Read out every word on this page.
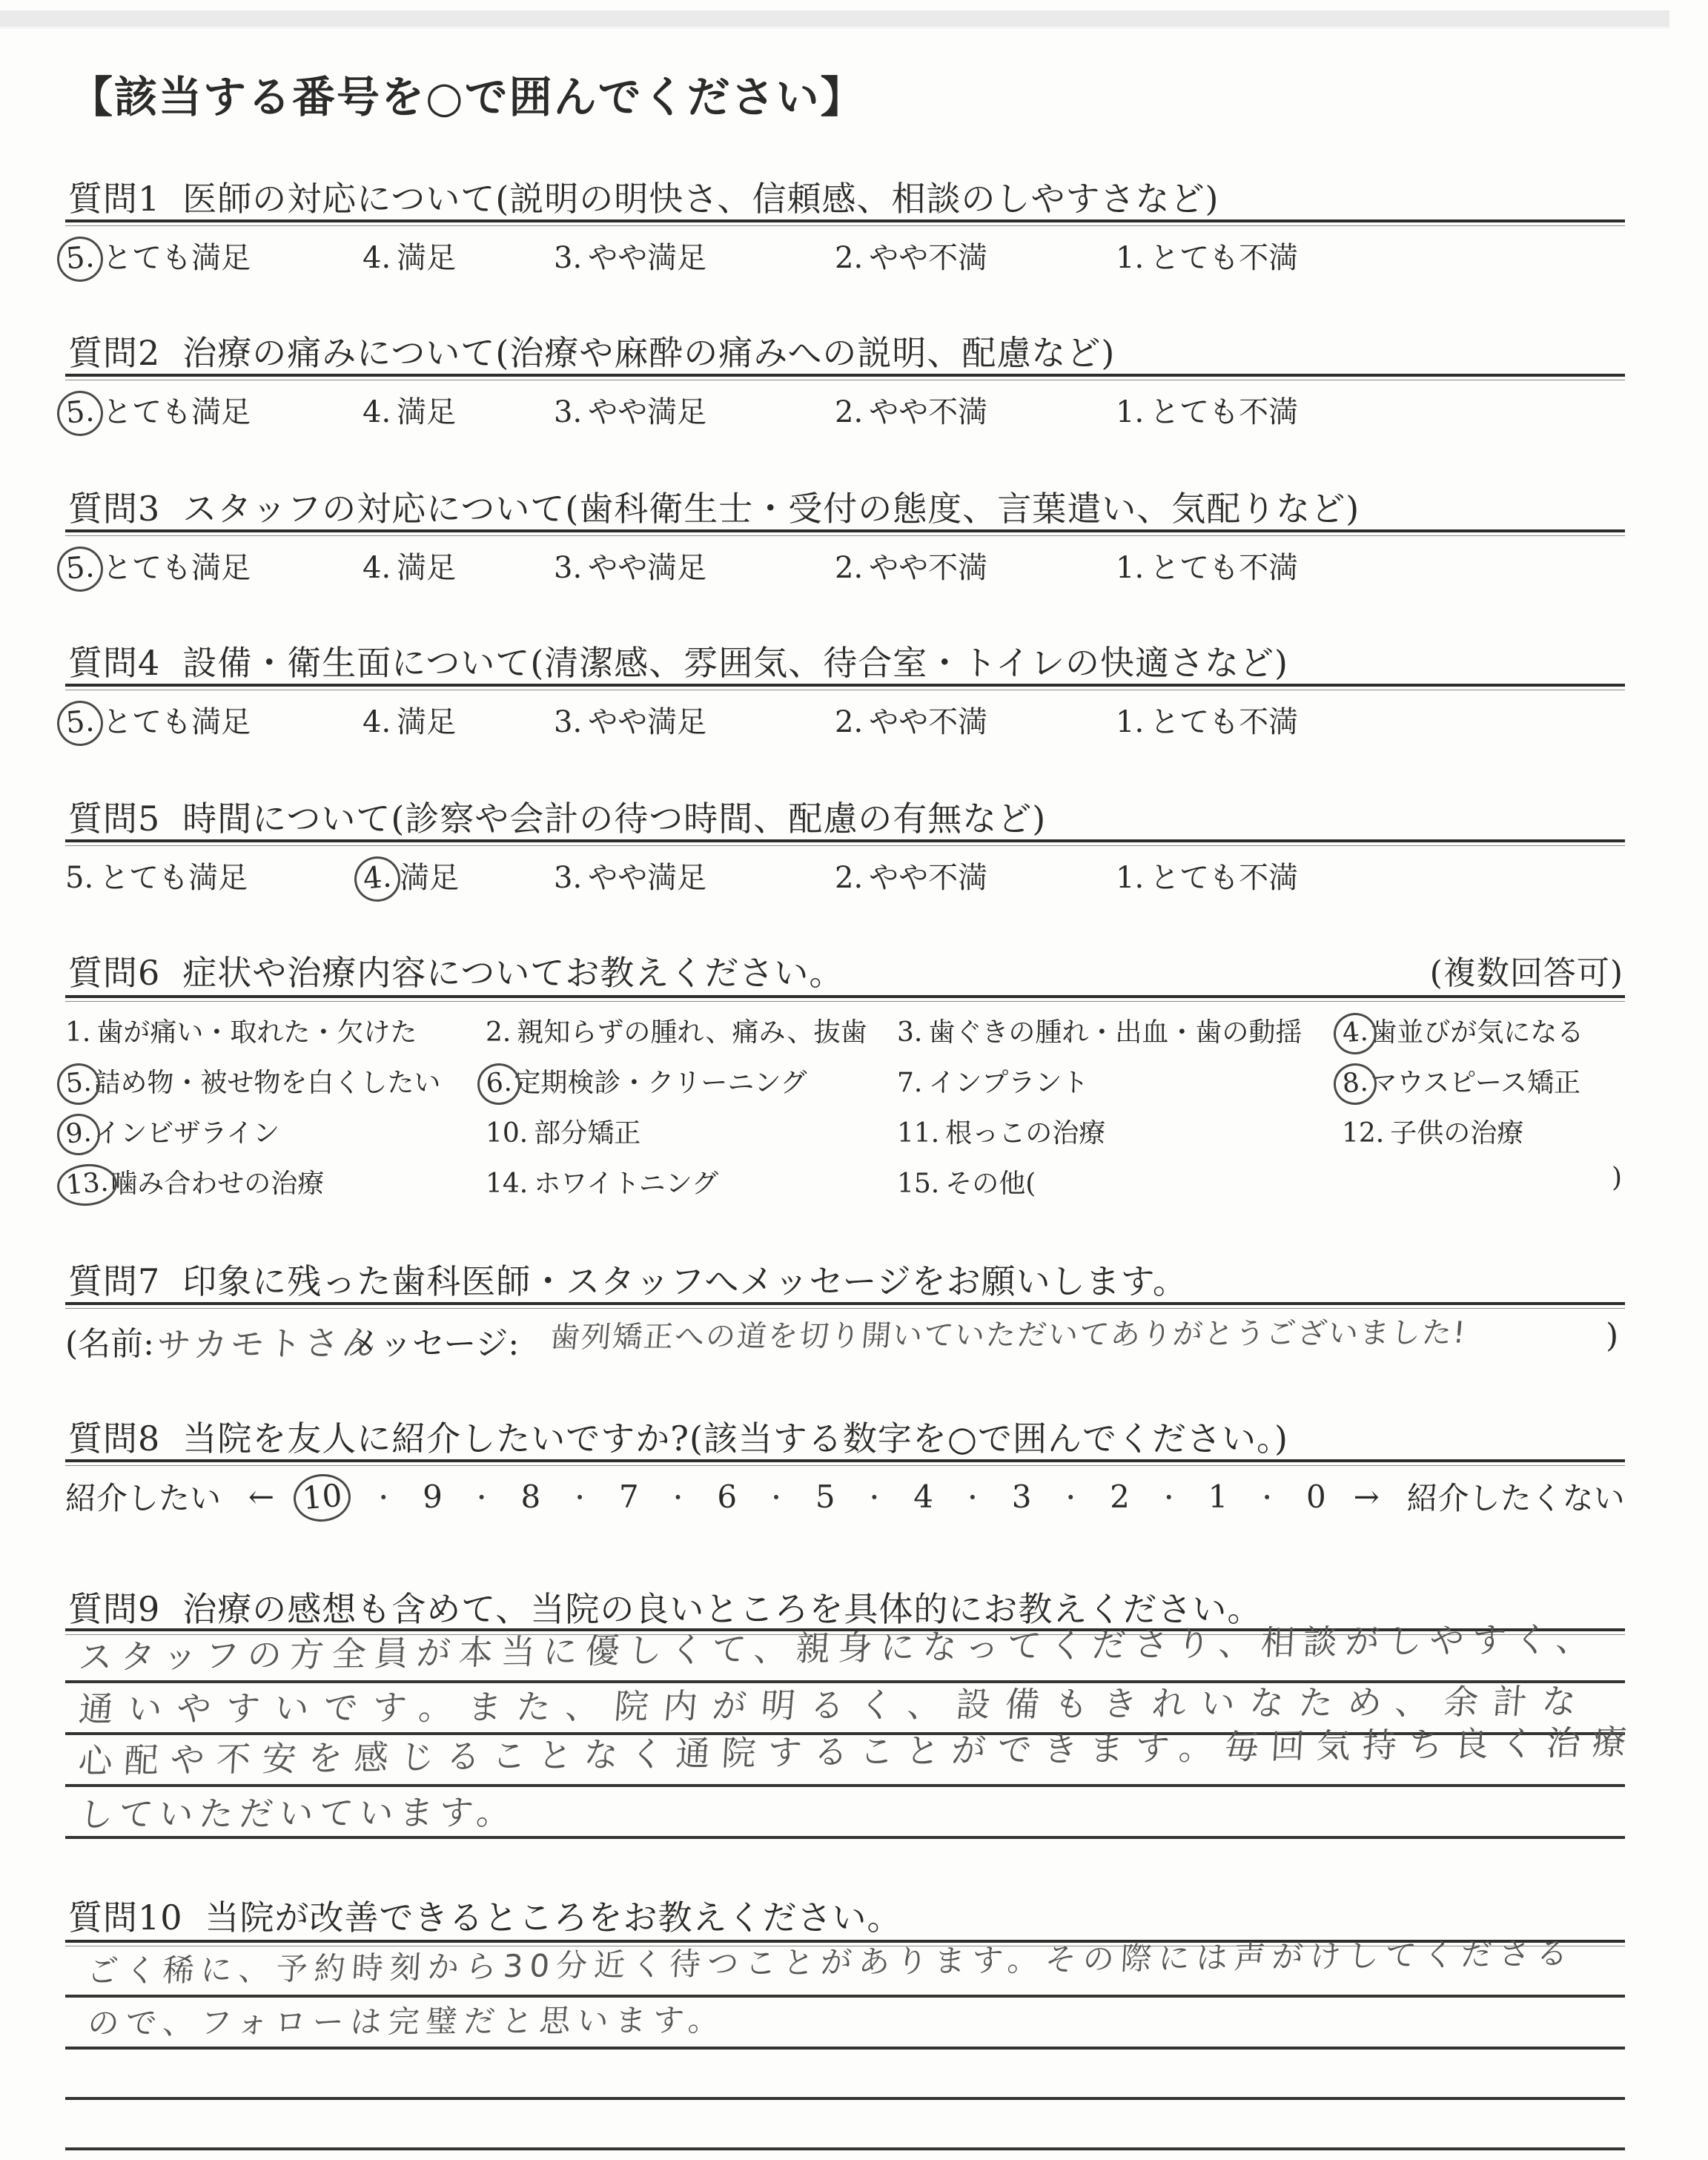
【該当する番号を○で囲んでください】
質問1 医師の対応について(説明の明快さ、信頼感、相談のしやすさなど)
5. とても満足	4. 満足	3. やや満足	2. やや不満	1. とても不満
質問2 治療の痛みについて(治療や麻酔の痛みへの説明、配慮など)
5. とても満足	4. 満足	3. やや満足	2. やや不満	1. とても不満
質問3 スタッフの対応について(歯科衛生士・受付の態度、言葉遣い、気配りなど)
5. とても満足	4. 満足	3. やや満足	2. やや不満	1. とても不満
質問4 設備・衛生面について(清潔感、雰囲気、待合室・トイレの快適さなど)
5. とても満足	4. 満足	3. やや満足	2. やや不満	1. とても不満
質問5 時間について(診察や会計の待つ時間、配慮の有無など)
5. とても満足	4. 満足	3. やや満足	2. やや不満	1. とても不満
質問6 症状や治療内容についてお教えください。	(複数回答可)
1. 歯が痛い・取れた・欠けた	2. 親知らずの腫れ、痛み、抜歯 3. 歯ぐきの腫れ・出血・歯の動揺 4.歯並びが気になる
5.詰め物・被せ物を白くしたい 6.定期検診・クリーニング	7. インプラント	8.マウスピース矯正
9.インビザライン	10. 部分矯正	11. 根っこの治療	12. 子供の治療
13.噛み合わせの治療	14. ホワイトニング	15. その他(	)
質問7 印象に残った歯科医師・スタッフへメッセージをお願いします。
(名前: サカモトさん
メッセージ: 歯列矯正への道を切り開いていただいてありがとうございました!	)
質問8 当院を友人に紹介したいですか?(該当する数字を○で囲んでください。)
紹介したい ← 10	・ 9 ・ 8 ・ 7 ・ 6 ・ 5 ・ 4 ・ 3 ・ 2 ・ 1 ・ 0 → 紹介したくない
質問9 治療の感想も含めて、当院の良いところを具体的にお教えください。
スタッフの方全員が本当に優しくて、親身になってくださり、相談がしやすく、
通いやすいです。また、院内が明るく、設備もきれいなため、余計な
心配や不安を感じることなく通院することができます。毎回気持ち良く治療
していただいています。
質問10 当院が改善できるところをお教えください。
ごく稀に、予約時刻から30分近く待つことがあります。その際には声がけしてくださる
ので、フォローは完璧だと思います。
